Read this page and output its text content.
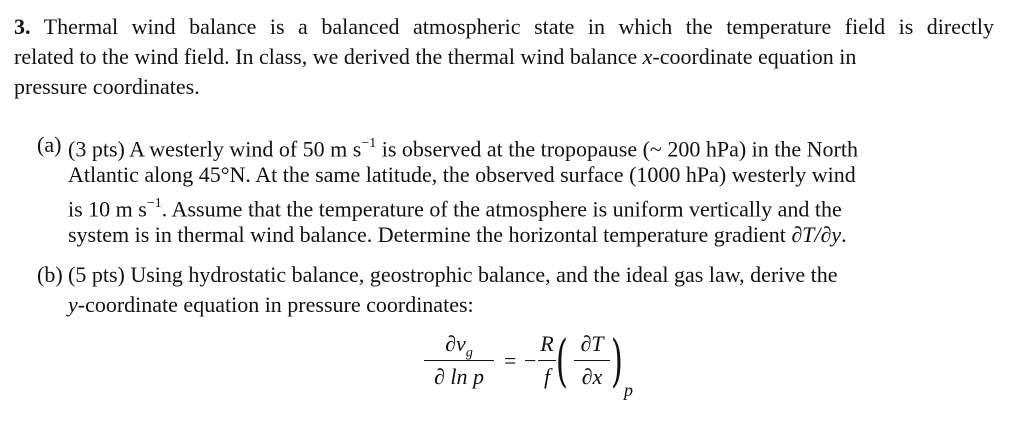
3. Thermal wind balance is a balanced atmospheric state in which the temperature field is directly
related to the wind field. In class, we derived the thermal wind balance x-coordinate equation in
pressure coordinates.
(a) (3 pts) A westerly wind of 50 m $s^{-1}$ is observed at the tropopause (~ 200 hPa) in the North
Atlantic along 45°N. At the same latitude, the observed surface (1000 hPa) westerly wind
is 10 m $s^{-1}$. Assume that the temperature of the atmosphere is uniform vertically and the
system is in thermal wind balance. Determine the horizontal temperature gradient ∂T/∂y.
(b) (5 pts) Using hydrostatic balance, geostrophic balance, and the ideal gas law, derive the
y-coordinate equation in pressure coordinates:
$\partial v_g$
∂ ln p
= −
R
f ( ∂T
∂x ) p
